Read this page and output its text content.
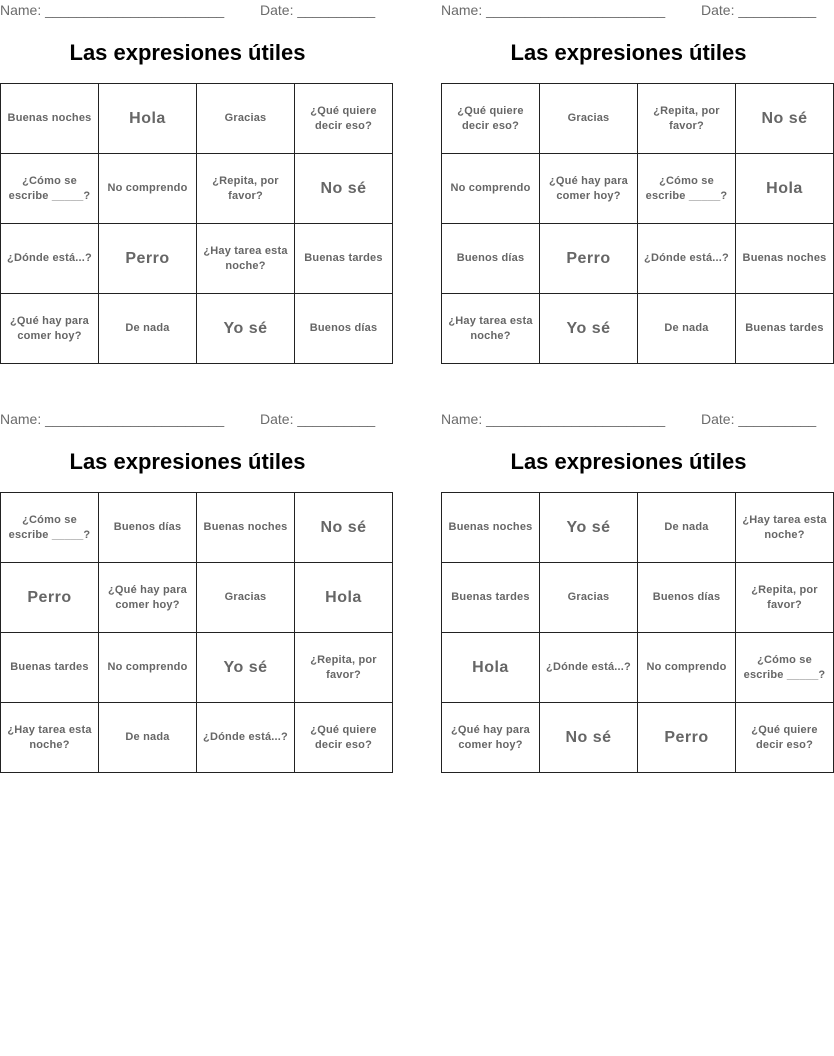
Name: _______________________	Date: __________
Las expresiones útiles
Buenas noches	Hola	Gracias	¿Qué quiere decir eso?
¿Cómo se escribe _____?	No comprendo	¿Repita, por favor?	No sé
¿Dónde está...?	Perro	¿Hay tarea esta noche?	Buenas tardes
¿Qué hay para comer hoy?	De nada	Yo sé	Buenos días
Name: _______________________	Date: __________
Las expresiones útiles
¿Qué quiere decir eso?	Gracias	¿Repita, por favor?	No sé
No comprendo	¿Qué hay para comer hoy?	¿Cómo se escribe _____?	Hola
Buenos días	Perro	¿Dónde está...?	Buenas noches
¿Hay tarea esta noche?	Yo sé	De nada	Buenas tardes
Name: _______________________	Date: __________
Las expresiones útiles
¿Cómo se escribe _____?	Buenos días	Buenas noches	No sé
Perro	¿Qué hay para comer hoy?	Gracias	Hola
Buenas tardes	No comprendo	Yo sé	¿Repita, por favor?
¿Hay tarea esta noche?	De nada	¿Dónde está...?	¿Qué quiere decir eso?
Name: _______________________	Date: __________
Las expresiones útiles
Buenas noches	Yo sé	De nada	¿Hay tarea esta noche?
Buenas tardes	Gracias	Buenos días	¿Repita, por favor?
Hola	¿Dónde está...?	No comprendo	¿Cómo se escribe _____?
¿Qué hay para comer hoy?	No sé	Perro	¿Qué quiere decir eso?
